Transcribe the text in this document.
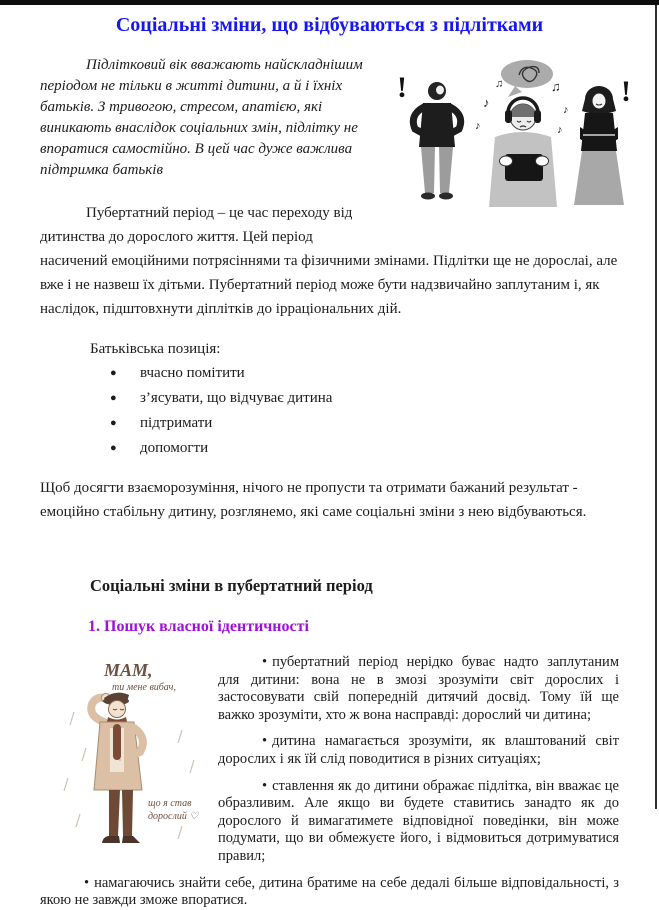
Соціальні зміни, що відбуваються з підлітками
!	♪
♫	♫
♪
♪	♪
!

Підлітковий вік вважають найскладнішим періодом не тільки в житті дитини, а й і їхніх батьків. З тривогою, стресом, апатією, які виникають внаслідок соціальних змін, підлітку не впоратися самостійно. В цей час дуже важлива підтримка батьків

Пубертатний період – це час переходу від дитинства до дорослого життя. Цей період насичений емоційними потрясіннями та фізичними змінами. Підлітки ще не дорослаі, але вже і не назвеш їх дітьми. Пубертатний період може бути надзвичайно заплутаним і, як наслідок, підштовхнути діплітків до ірраціональних дій.

Батьківська позиція:

● вчасно помітити
● з’ясувати, що відчуває дитина
● підтримати
● допомогти

Щоб досягти взаєморозуміння, нічого не пропусти та отримати бажаний результат - емоційно стабільну дитину, розглянемо, які саме соціальні зміни з нею відбуваються.

Соціальні зміни в пубертатний період
1. Пошук власної ідентичності
МАМ,
ти мене вибач,
що я став
дорослий ♡

• пубертатний період нерідко буває надто заплутаним для дитини: вона не в змозі зрозуміти світ дорослих і застосовувати свій попередній дитячий досвід. Тому їй ще важко зрозуміти, хто ж вона насправді: дорослий чи дитина;

• дитина намагається зрозуміти, як влаштований світ дорослих і як їй слід поводитися в різних ситуаціях;

• ставлення як до дитини ображає підлітка, він вважає це образливим. Але якщо ви будете ставитись занадто як до дорослого й вимагатимете відповідної поведінки, він може подумати, що ви обмежуєте його, і відмовиться дотримуватися правил;

• намагаючись знайти себе, дитина братиме на себе дедалі більше відповідальності, з якою не завжди зможе впоратися.
